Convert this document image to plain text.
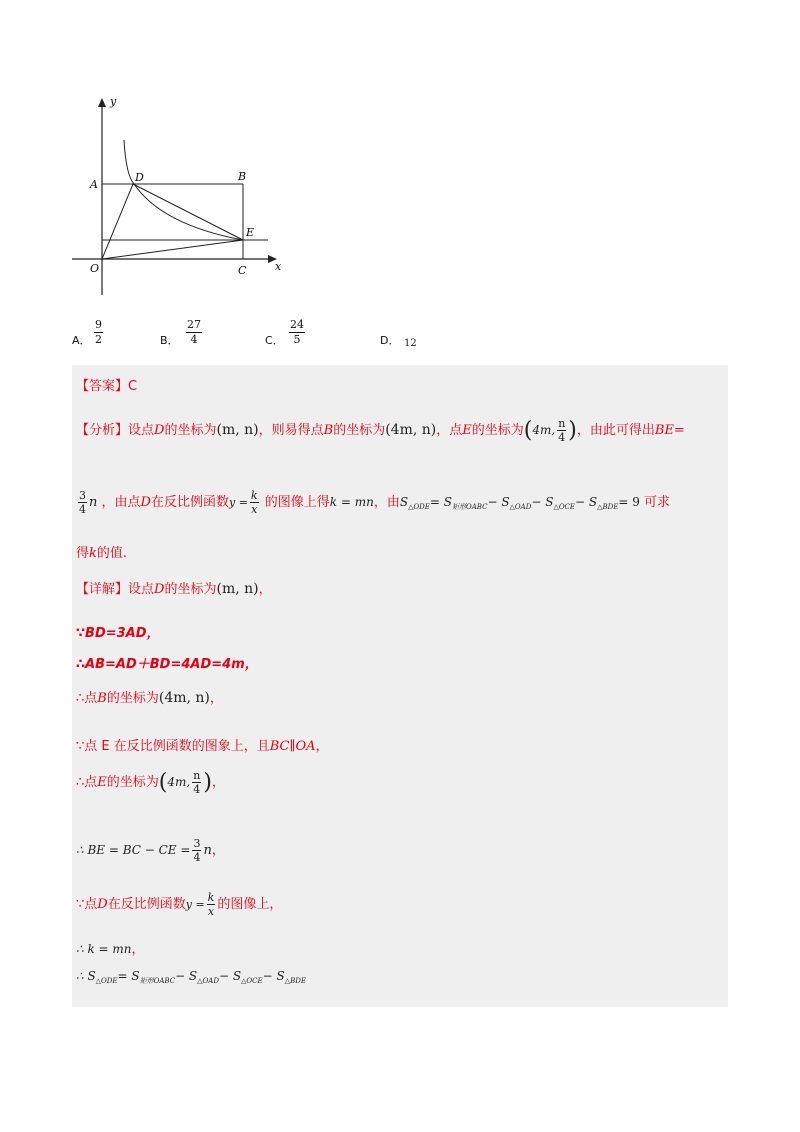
y
x
A
B
D
E
O	C
A． $\frac{9}{2}$	B． $\frac{27}{4}$	C． $\frac{24}{5}$	D． 12
【答案】C
【分析】设点D的坐标为(m, n)，则易得点B的坐标为(4m, n)，点E的坐标为(4m, $\frac{n}{4}$ )，由此可得出BE=
$\frac{3}{4}$ n ，由点D在反比例函数$y = \frac{k}{x}$ 的图像上得k = mn，由$S_{\triangle ODE}= S_{矩形OABC}- S_{\triangle OAD}- S_{\triangle OCE}- S_{\triangle BDE}= 9$ 可求
得k的值.
【详解】设点D的坐标为(m, n)，
∵BD=3AD，
∴AB=AD＋BD=4AD=4m，
∴点B的坐标为(4m, n)，
∵点 E 在反比例函数的图象上，且BC∥OA，
∴点E的坐标为(4m, $\frac{n}{4}$ )，
∴ BE = BC − CE = $\frac{3}{4}$ n，
∵点D在反比例函数$y = \frac{k}{x}$ 的图像上，
∴ k = mn，
∴ $S_{\triangle ODE}= S_{矩形OABC}- S_{\triangle OAD}- S_{\triangle OCE}- S_{\triangle BDE}$
